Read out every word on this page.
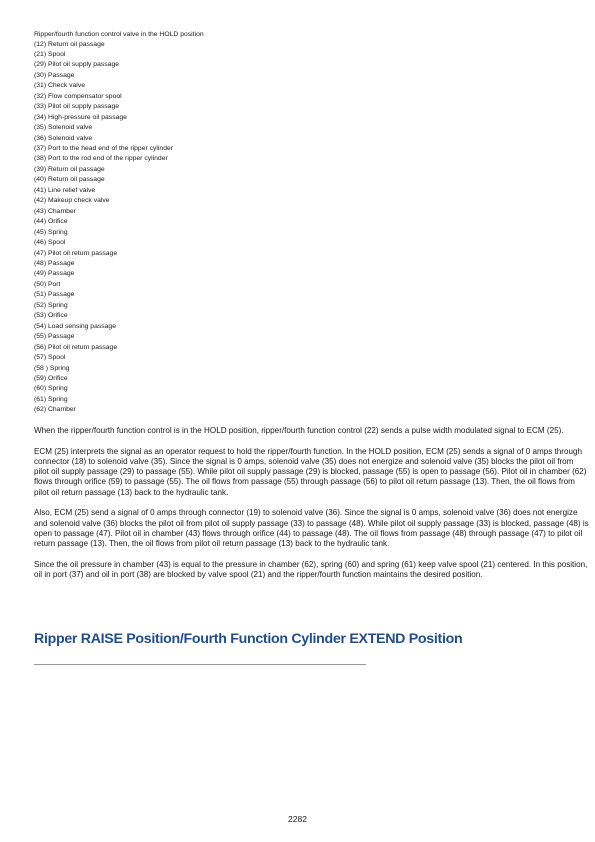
Ripper/fourth function control valve in the HOLD position
(12) Return oil passage
(21) Spool
(29) Pilot oil supply passage
(30) Passage
(31) Check valve
(32) Flow compensator spool
(33) Pilot oil supply passage
(34) High-pressure oil passage
(35) Solenoid valve
(36) Solenoid valve
(37) Port to the head end of the ripper cylinder
(38) Port to the rod end of the ripper cylinder
(39) Return oil passage
(40) Return oil passage
(41) Line relief valve
(42) Makeup check valve
(43) Chamber
(44) Orifice
(45) Spring
(46) Spool
(47) Pilot oil return passage
(48) Passage
(49) Passage
(50) Port
(51) Passage
(52) Spring
(53) Orifice
(54) Load sensing passage
(55) Passage
(56) Pilot oil return passage
(57) Spool
(58 ) Spring
(59) Orifice
(60) Spring
(61) Spring
(62) Chamber

When the ripper/fourth function control is in the HOLD position, ripper/fourth function control (22) sends a pulse width modulated signal to ECM (25).

ECM (25) interprets the signal as an operator request to hold the ripper/fourth function. In the HOLD position, ECM (25) sends a signal of 0 amps through connector (18) to solenoid valve (35). Since the signal is 0 amps, solenoid valve (35) does not energize and solenoid valve (35) blocks the pilot oil from pilot oil supply passage (29) to passage (55). While pilot oil supply passage (29) is blocked, passage (55) is open to passage (56). Pilot oil in chamber (62) flows through orifice (59) to passage (55). The oil flows from passage (55) through passage (56) to pilot oil return passage (13). Then, the oil flows from pilot oil return passage (13) back to the hydraulic tank.

Also, ECM (25) send a signal of 0 amps through connector (19) to solenoid valve (36). Since the signal is 0 amps, solenoid valve (36) does not energize and solenoid valve (36) blocks the pilot oil from pilot oil supply passage (33) to passage (48). While pilot oil supply passage (33) is blocked, passage (48) is open to passage (47). Pilot oil in chamber (43) flows through orifice (44) to passage (48). The oil flows from passage (48) through passage (47) to pilot oil return passage (13). Then, the oil flows from pilot oil return passage (13) back to the hydraulic tank.

Since the oil pressure in chamber (43) is equal to the pressure in chamber (62), spring (60) and spring (61) keep valve spool (21) centered. In this position, oil in port (37) and oil in port (38) are blocked by valve spool (21) and the ripper/fourth function maintains the desired position.

Ripper RAISE Position/Fourth Function Cylinder EXTEND Position
2282
